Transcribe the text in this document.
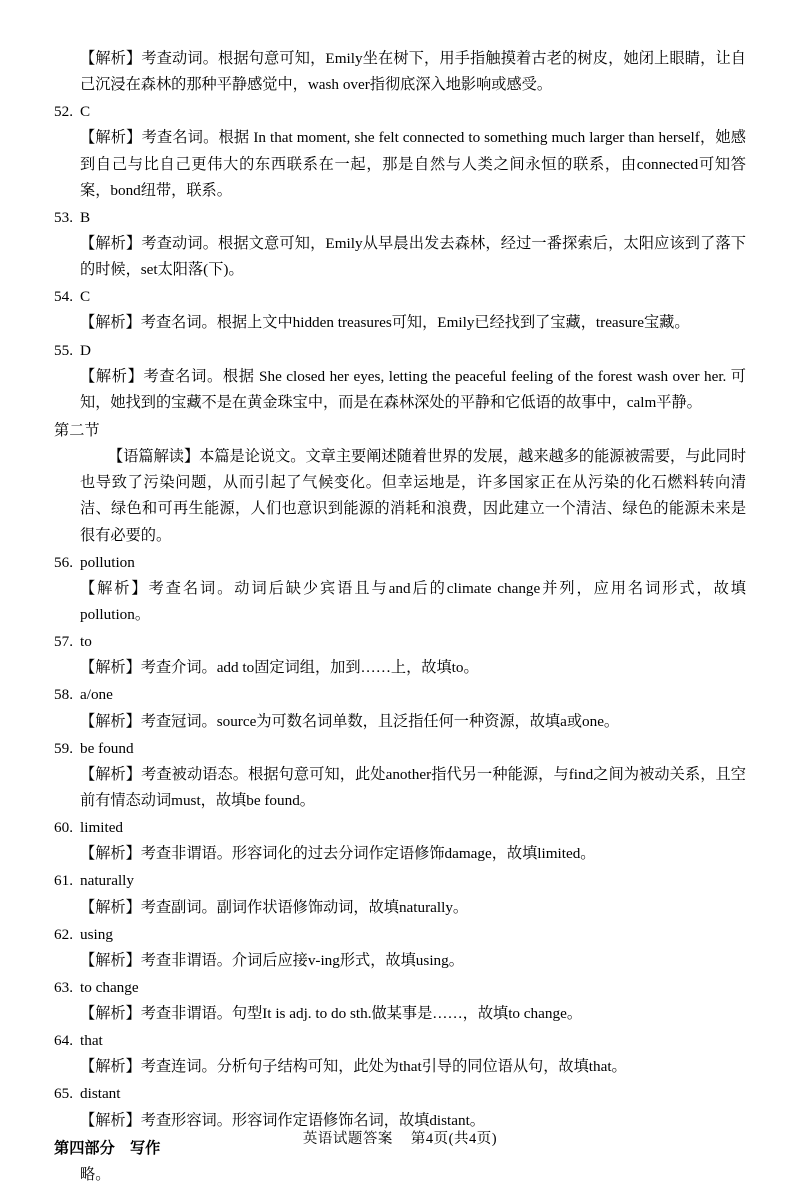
【解析】考查动词。根据句意可知，Emily坐在树下，用手指触摸着古老的树皮，她闭上眼睛，让自己沉浸在森林的那种平静感觉中，wash over指彻底深入地影响或感受。
52. C
【解析】考查名词。根据 In that moment, she felt connected to something much larger than herself，她感到自己与比自己更伟大的东西联系在一起，那是自然与人类之间永恒的联系，由connected可知答案，bond纽带，联系。
53. B
【解析】考查动词。根据文意可知，Emily从早晨出发去森林，经过一番探索后，太阳应该到了落下的时候，set太阳落(下)。
54. C
【解析】考查名词。根据上文中hidden treasures可知，Emily已经找到了宝藏，treasure宝藏。
55. D
【解析】考查名词。根据 She closed her eyes, letting the peaceful feeling of the forest wash over her. 可知，她找到的宝藏不是在黄金珠宝中，而是在森林深处的平静和它低语的故事中，calm平静。
第二节
【语篇解读】本篇是论说文。文章主要阐述随着世界的发展，越来越多的能源被需要，与此同时也导致了污染问题，从而引起了气候变化。但幸运地是，许多国家正在从污染的化石燃料转向清洁、绿色和可再生能源，人们也意识到能源的消耗和浪费，因此建立一个清洁、绿色的能源未来是很有必要的。
56. pollution
【解析】考查名词。动词后缺少宾语且与and后的climate change并列，应用名词形式，故填pollution。
57. to
【解析】考查介词。add to固定词组，加到……上，故填to。
58. a/one
【解析】考查冠词。source为可数名词单数，且泛指任何一种资源，故填a或one。
59. be found
【解析】考查被动语态。根据句意可知，此处another指代另一种能源，与find之间为被动关系，且空前有情态动词must，故填be found。
60. limited
【解析】考查非谓语。形容词化的过去分词作定语修饰damage，故填limited。
61. naturally
【解析】考查副词。副词作状语修饰动词，故填naturally。
62. using
【解析】考查非谓语。介词后应接v-ing形式，故填using。
63. to change
【解析】考查非谓语。句型It is adj. to do sth.做某事是……，故填to change。
64. that
【解析】考查连词。分析句子结构可知，此处为that引导的同位语从句，故填that。
65. distant
【解析】考查形容词。形容词作定语修饰名词，故填distant。
第四部分　写作
略。
英语试题答案 第4页(共4页)
